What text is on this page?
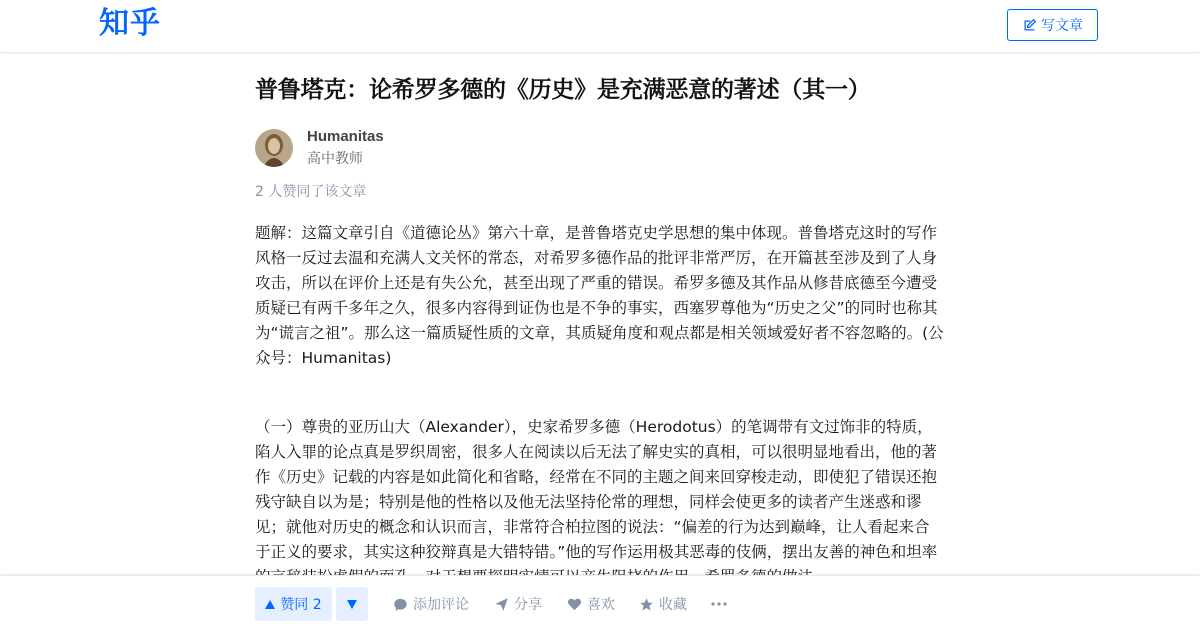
知乎	写文章
普鲁塔克：论希罗多德的《历史》是充满恶意的著述（其一）
Humanitas
高中教师
2 人赞同了该文章

题解：这篇文章引自《道德论丛》第六十章，是普鲁塔克史学思想的集中体现。普鲁塔克这时的写作风格一反过去温和充满人文关怀的常态，对希罗多德作品的批评非常严厉，在开篇甚至涉及到了人身攻击，所以在评价上还是有失公允，甚至出现了严重的错误。希罗多德及其作品从修昔底德至今遭受质疑已有两千多年之久，很多内容得到证伪也是不争的事实，西塞罗尊他为“历史之父”的同时也称其为“谎言之祖”。那么这一篇质疑性质的文章，其质疑角度和观点都是相关领域爱好者不容忽略的。(公众号：Humanitas)

（一）尊贵的亚历山大（Alexander），史家希罗多德（Herodotus）的笔调带有文过饰非的特质，陷人入罪的论点真是罗织周密，很多人在阅读以后无法了解史实的真相，可以很明显地看出，他的著作《历史》记载的内容是如此简化和省略，经常在不同的主题之间来回穿梭走动，即使犯了错误还抱残守缺自以为是；特别是他的性格以及他无法坚持伦常的理想，同样会使更多的读者产生迷惑和谬见；就他对历史的概念和认识而言，非常符合柏拉图的说法：“偏差的行为达到巅峰，让人看起来合于正义的要求，其实这种狡辩真是大错特错。”他的写作运用极其恶毒的伎俩，摆出友善的神色和坦率

赞同 2	添加评论	分享	喜欢	收藏
